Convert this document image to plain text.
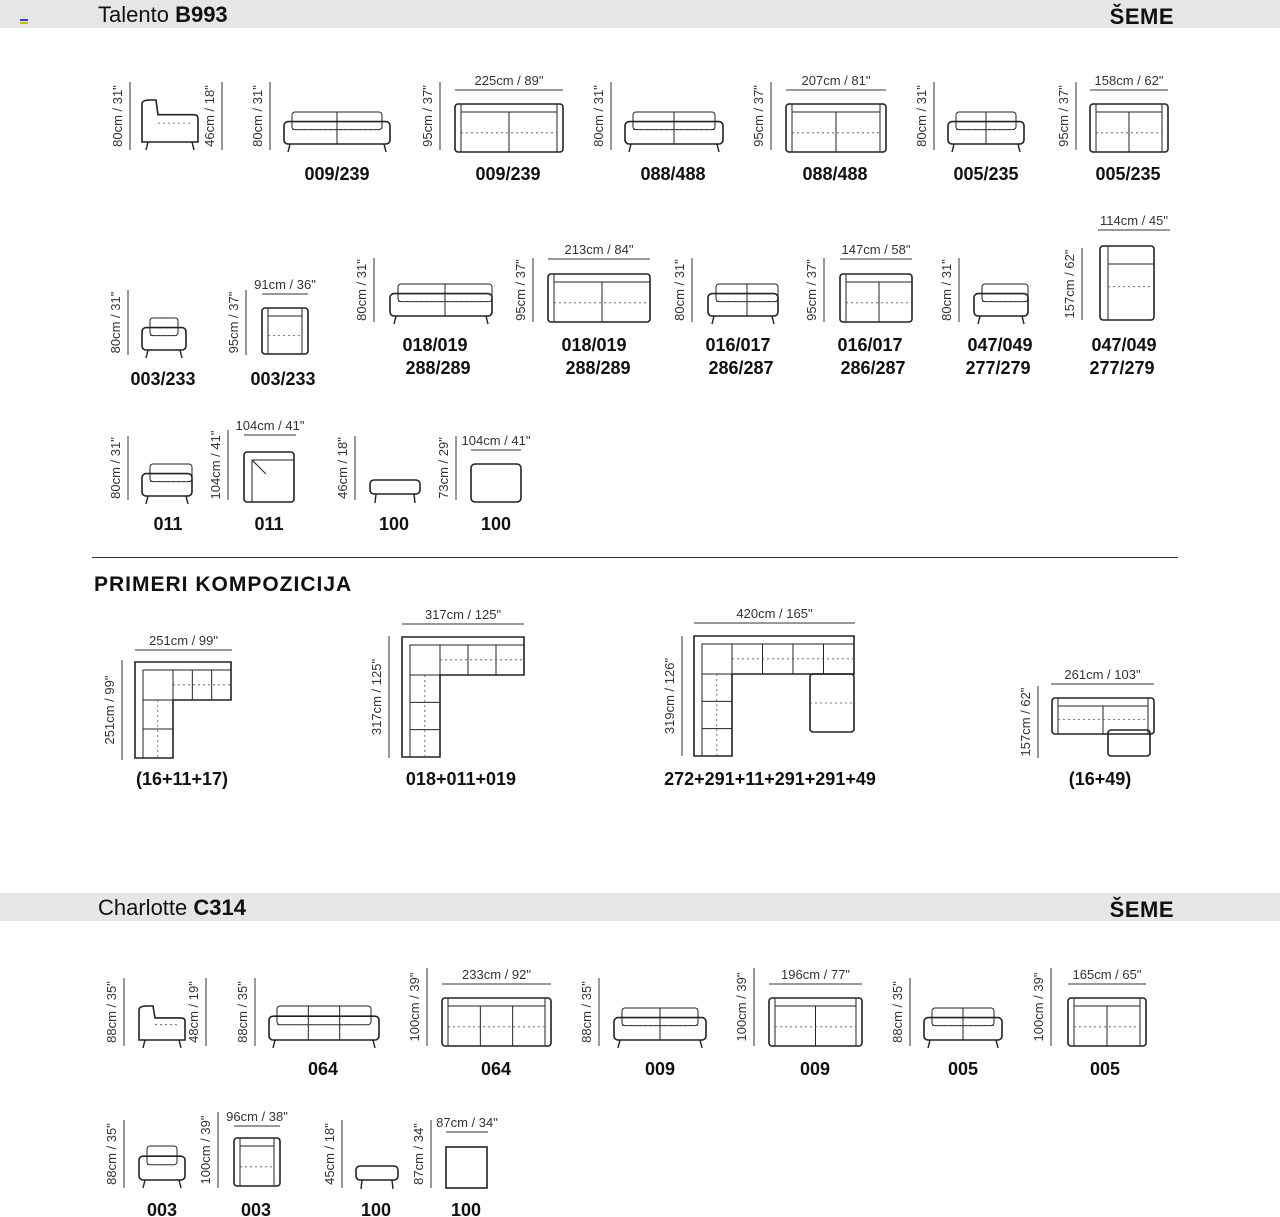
Talento B993	ŠEME
PRIMERI KOMPOZICIJA
Charlotte C314	ŠEME
80cm / 31"	46cm / 18"	80cm / 31"
009/239
95cm / 37"
225cm / 89"
009/239
80cm / 31"
088/488
95cm / 37"
207cm / 81"
088/488
80cm / 31"
005/235
95cm / 37"
158cm / 62"
005/235
80cm / 31"
003/233
95cm / 37"
91cm / 36"
003/233
80cm / 31"
018/019
288/289
95cm / 37"
213cm / 84"
018/019
288/289
80cm / 31"
016/017
286/287
95cm / 37"
147cm / 58"
016/017
286/287
80cm / 31"
047/049
277/279
157cm / 62"
114cm / 45"
047/049
277/279
80cm / 31"
011
104cm / 41"
104cm / 41"
011
46cm / 18"
100
73cm / 29" 104cm / 41"
100
251cm / 99"
251cm / 99"
(16+11+17)
317cm / 125"
317cm / 125"
018+011+019
420cm / 165"
319cm / 126"
272+291+11+291+291+49
261cm / 103"
157cm / 62"
(16+49)
88cm / 35"	48cm / 19"	88cm / 35"
064
100cm / 39"	233cm / 92"
064
88cm / 35"
009
100cm / 39" 196cm / 77"
009
88cm / 35"
005
100cm / 39" 165cm / 65"
005
88cm / 35"
003
100cm / 39" 96cm / 38"
003
45cm / 18"
100
87cm / 34"
87cm / 34"
100
